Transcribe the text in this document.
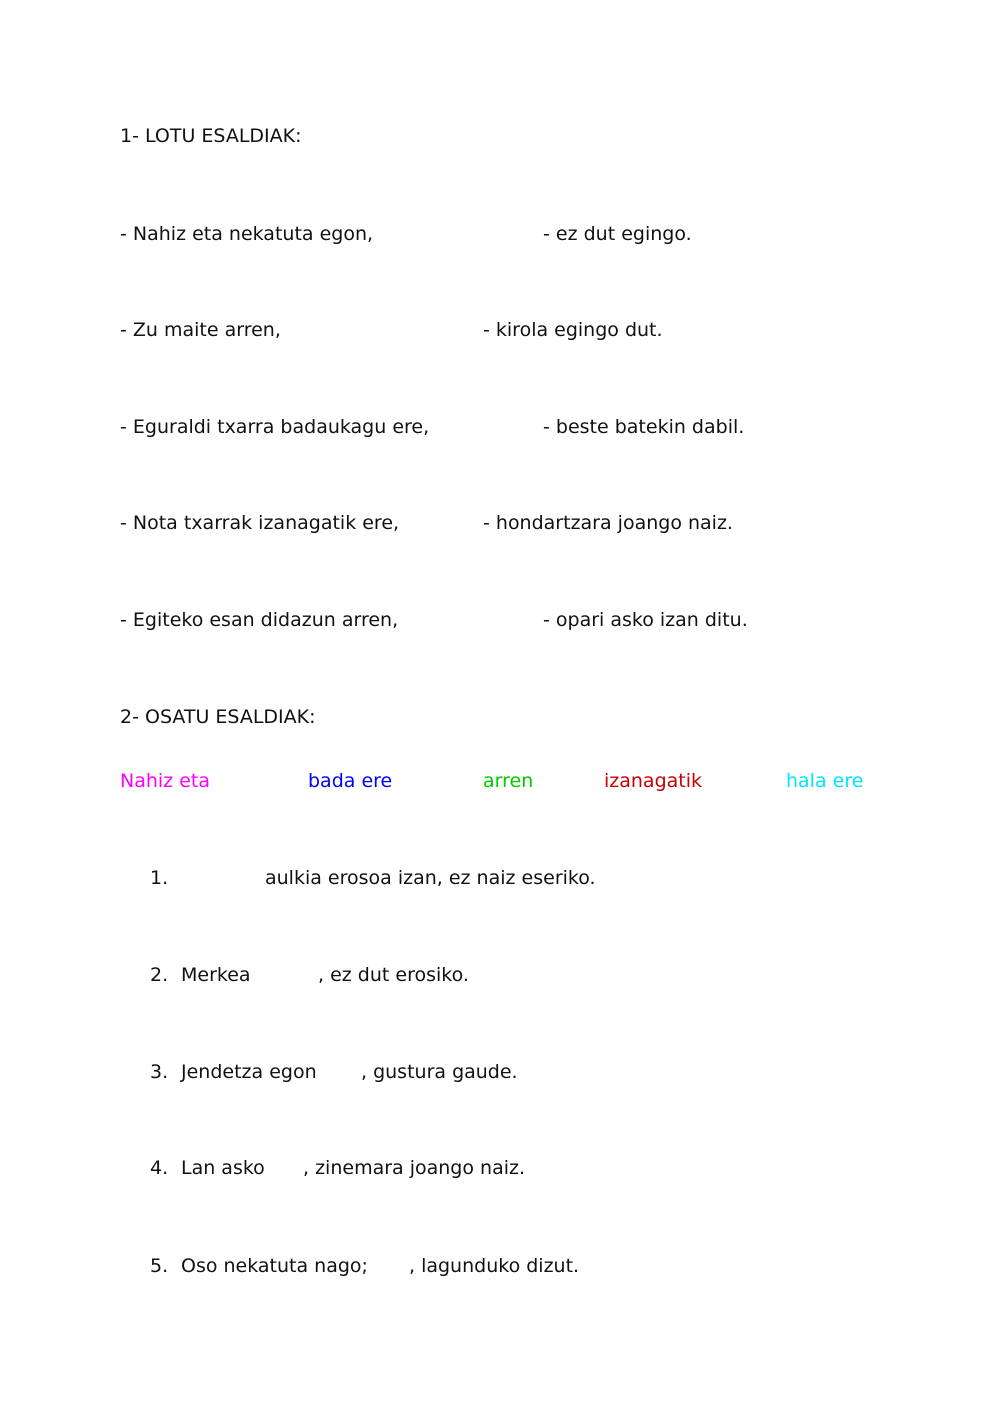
1- LOTU ESALDIAK:
- Nahiz eta nekatuta egon,	- ez dut egingo.
- Zu maite arren,	- kirola egingo dut.
- Eguraldi txarra badaukagu ere,	- beste batekin dabil.
- Nota txarrak izanagatik ere,	- hondartzara joango naiz.
- Egiteko esan didazun arren,	- opari asko izan ditu.
2- OSATU ESALDIAK:
Nahiz eta	bada ere	arren	izanagatik	hala ere
1.	aulkia erosoa izan, ez naiz eseriko.
2. Merkea	, ez dut erosiko.
3. Jendetza egon , gustura gaude.
4. Lan asko , zinemara joango naiz.
5. Oso nekatuta nago; , lagunduko dizut.
